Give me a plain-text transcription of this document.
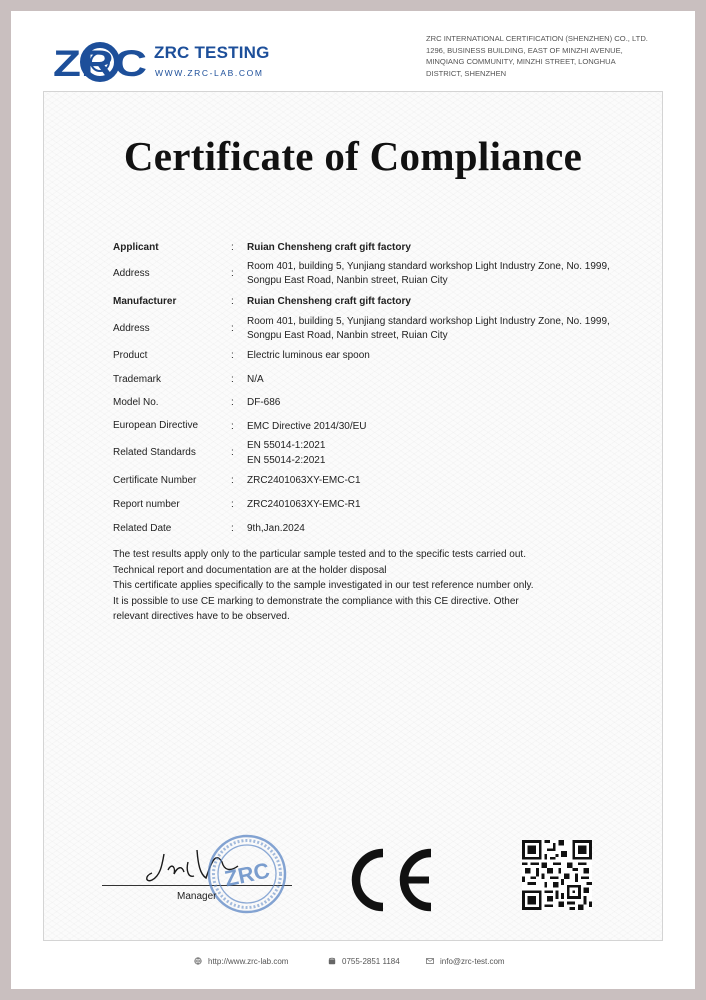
ZRC ZRC TESTING
WWW.ZRC-LAB.COM
ZRC INTERNATIONAL CERTIFICATION (SHENZHEN) CO., LTD.
1296, BUSINESS BUILDING, EAST OF MINZHI AVENUE,
MINQIANG COMMUNITY, MINZHI STREET, LONGHUA
DISTRICT, SHENZHEN
Certificate of Compliance
Applicant	: Ruian Chensheng craft gift factory
Address	:
Room 401, building 5, Yunjiang standard workshop Light Industry Zone, No. 1999, Songpu East Road, Nanbin street, Ruian City
Manufacturer	: Ruian Chensheng craft gift factory
Address	:
Room 401, building 5, Yunjiang standard workshop Light Industry Zone, No. 1999, Songpu East Road, Nanbin street, Ruian City
Product	: Electric luminous ear spoon
Trademark	: N/A
Model No.	: DF-686
European Directive	: EMC Directive 2014/30/EU
Related Standards	:
EN 55014-1:2021
EN 55014-2:2021
Certificate Number	: ZRC2401063XY-EMC-C1
Report number	: ZRC2401063XY-EMC-R1
Related Date	: 9th,Jan.2024
The test results apply only to the particular sample tested and to the specific tests carried out.
Technical report and documentation are at the holder disposal
This certificate applies specifically to the sample investigated in our test reference number only.
It is possible to use CE marking to demonstrate the compliance with this CE directive. Other
relevant directives have to be observed.
ZRC
Manager
http://www.zrc-lab.com	0755-2851 1184	info@zrc-test.com
